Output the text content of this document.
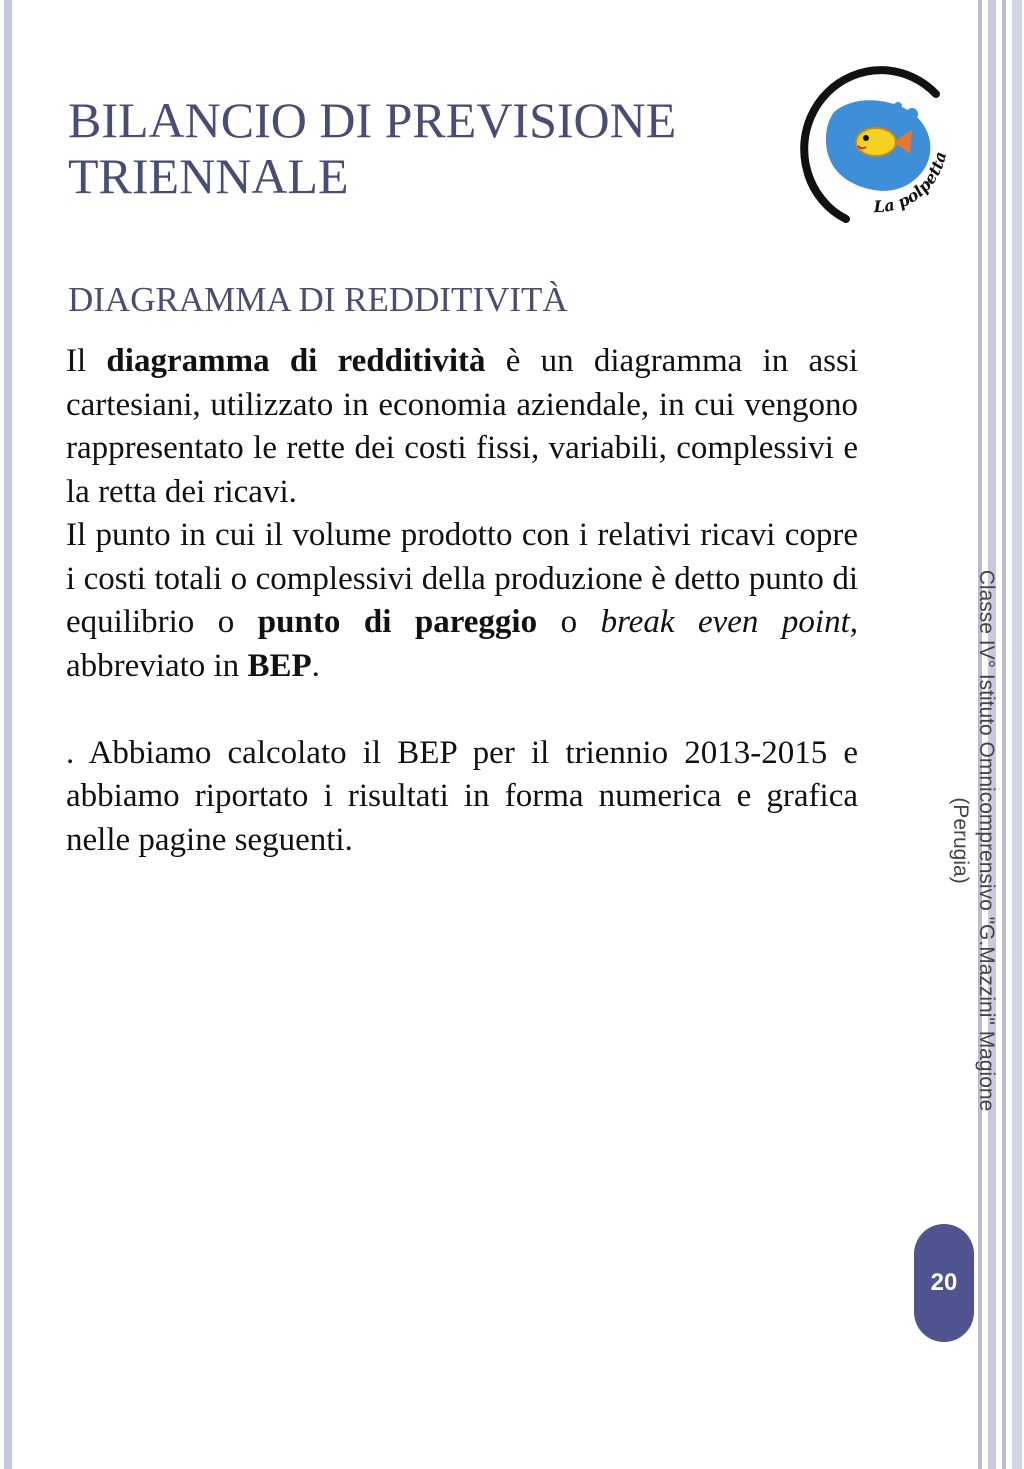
BILANCIO DI PREVISIONE
TRIENNALE
La polpetta
DIAGRAMMA DI REDDITIVITÀ

Il diagramma di redditività è un diagramma in assi cartesiani, utilizzato in economia aziendale, in cui vengono rappresentato le rette dei costi fissi, variabili, complessivi e la retta dei ricavi.

Il punto in cui il volume prodotto con i relativi ricavi copre i costi totali o complessivi della produzione è detto punto di equilibrio o punto di pareggio o break even point, abbreviato in BEP.

. Abbiamo calcolato il BEP per il triennio 2013-2015 e abbiamo riportato i risultati in forma numerica e grafica nelle pagine seguenti.	Classe IV° Istituto Omnicomprensivo "G.Mazzini" Magione
(Perugia)
20
